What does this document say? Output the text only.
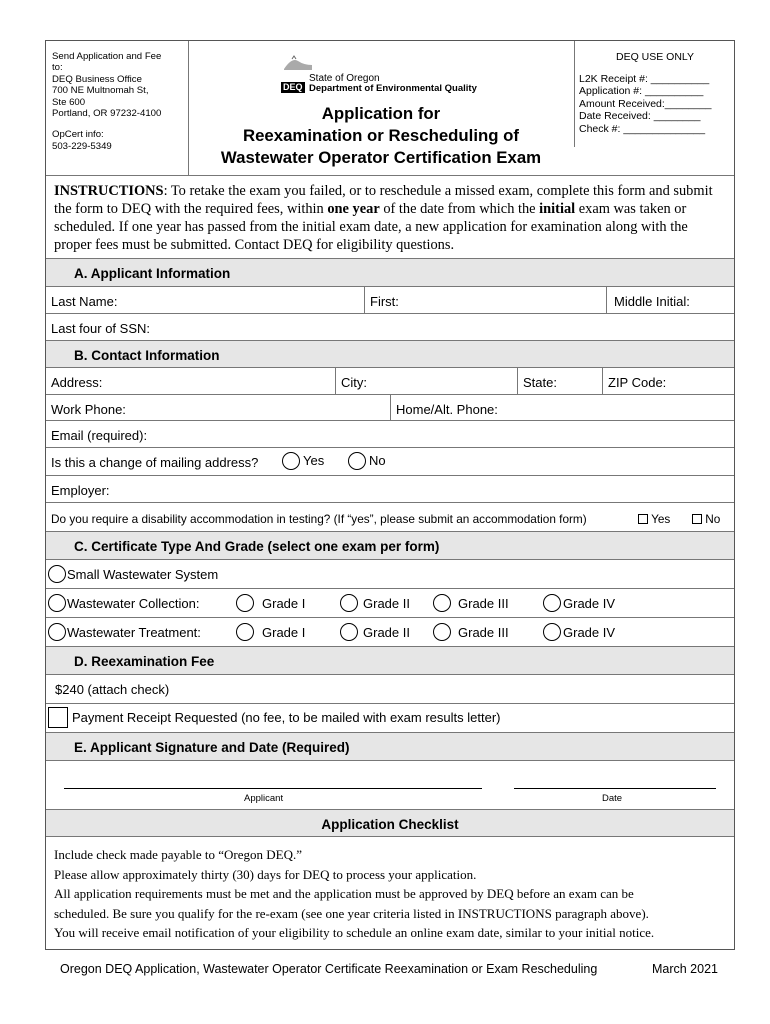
Send Application and Fee
to:
DEQ Business Office
700 NE Multnomah St,
Ste 600
Portland, OR 97232-4100
OpCert info:
503-229-5349
DEQ
State of Oregon
Department of Environmental Quality
Application for
Reexamination or Rescheduling of
Wastewater Operator Certification Exam
DEQ USE ONLY
L2K Receipt #: __________
Application #: __________
Amount Received:________
Date Received: ________
Check #: ______________
INSTRUCTIONS: To retake the exam you failed, or to reschedule a missed exam, complete this form and submit the form to DEQ with the required fees, within one year of the date from which the initial exam was taken or scheduled. If one year has passed from the initial exam date, a new application for examination along with the proper fees must be submitted. Contact DEQ for eligibility questions.
A. Applicant Information
Last Name:	First:	Middle Initial:
Last four of SSN:
B. Contact Information
Address:	City:	State:	ZIP Code:
Work Phone:	Home/Alt. Phone:
Email (required):
Is this a change of mailing address?	Yes	No
Employer:
Do you require a disability accommodation in testing? (If “yes”, please submit an accommodation form)	Yes	No
C. Certificate Type And Grade (select one exam per form)
Small Wastewater System
Wastewater Collection:	Grade I	Grade II	Grade III	Grade IV
Wastewater Treatment:	Grade I	Grade II	Grade III	Grade IV
D. Reexamination Fee
$240 (attach check)
Payment Receipt Requested (no fee, to be mailed with exam results letter)
E. Applicant Signature and Date (Required)
Applicant	Date
Application Checklist
Include check made payable to “Oregon DEQ.”
Please allow approximately thirty (30) days for DEQ to process your application.
All application requirements must be met and the application must be approved by DEQ before an exam can be
scheduled. Be sure you qualify for the re-exam (see one year criteria listed in INSTRUCTIONS paragraph above).
You will receive email notification of your eligibility to schedule an online exam date, similar to your initial notice.
Oregon DEQ Application, Wastewater Operator Certificate Reexamination or Exam Rescheduling	March 2021
